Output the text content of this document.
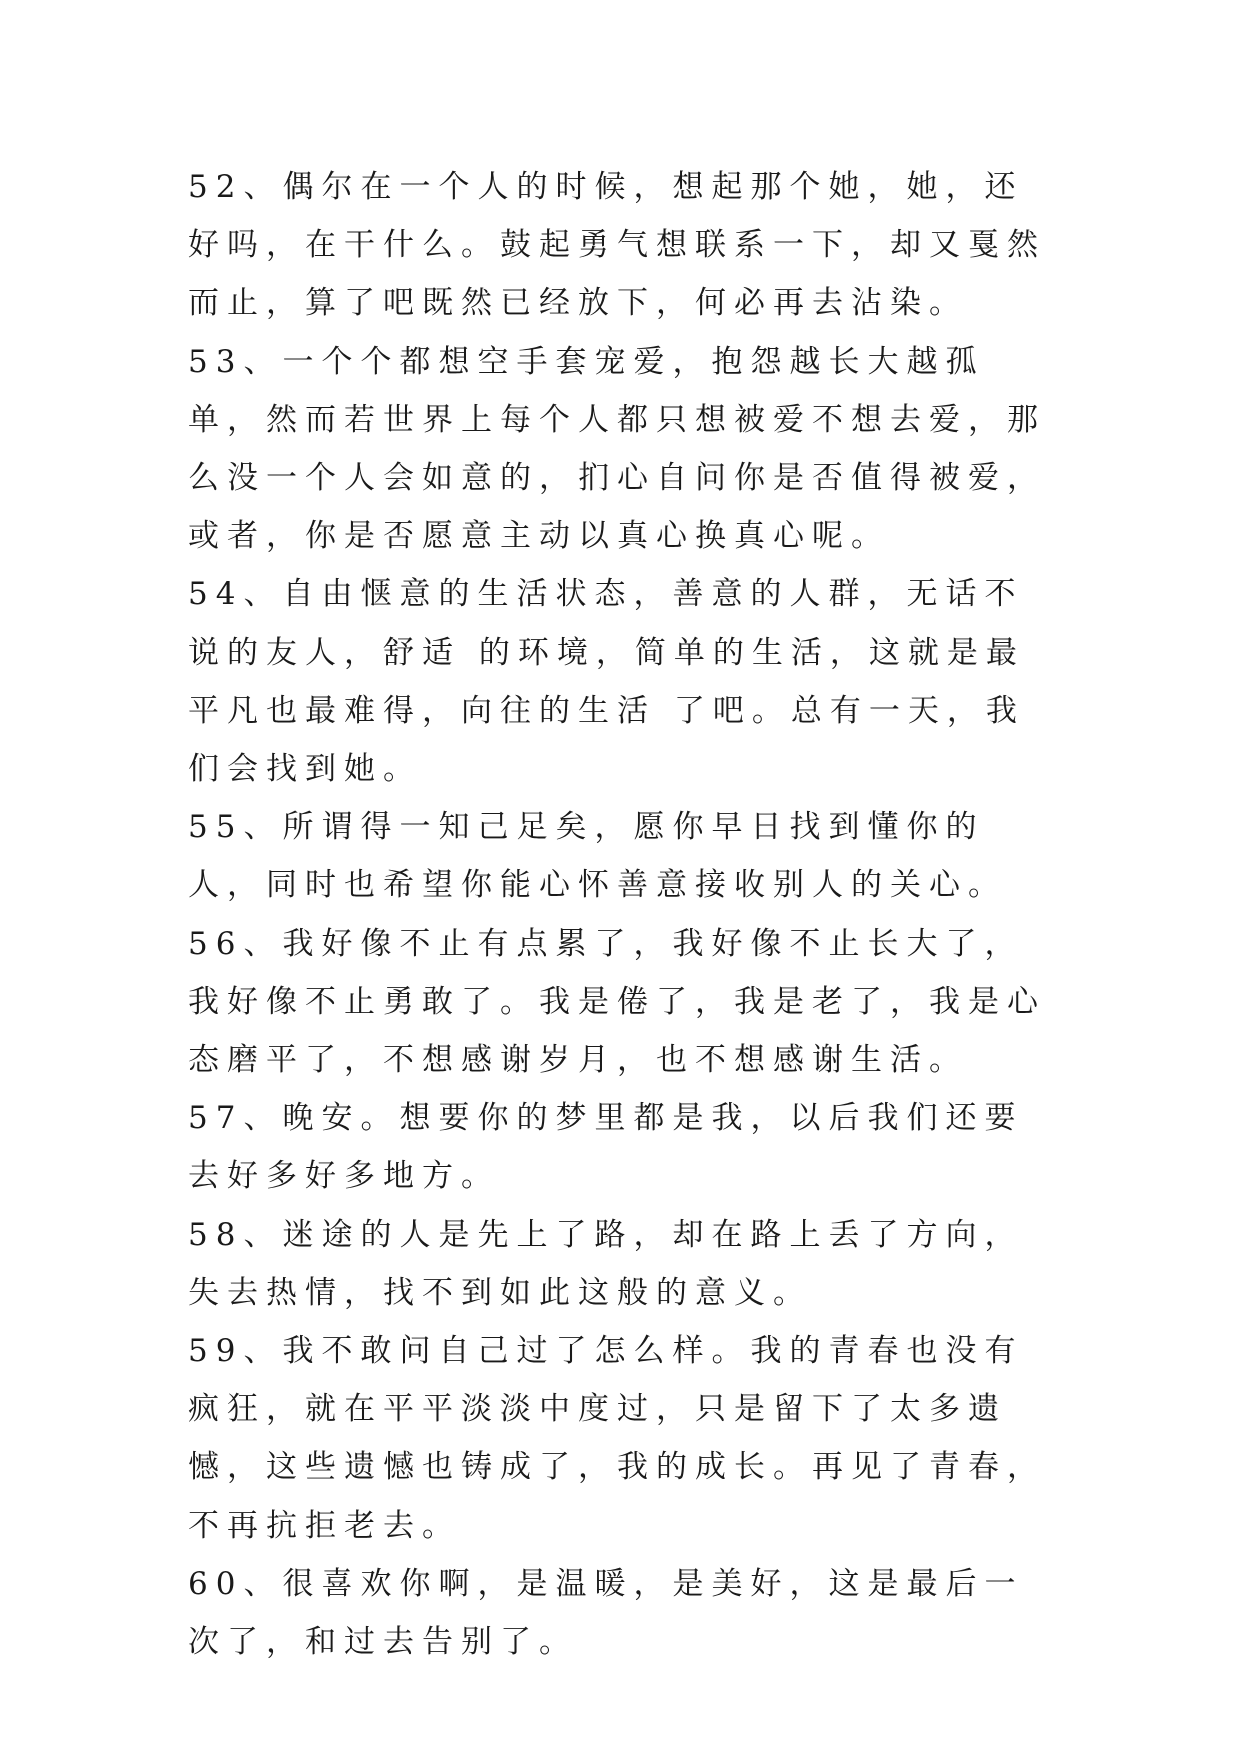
52、偶尔在一个人的时候，想起那个她，她，还好吗，在干什么。鼓起勇气想联系一下，却又戛然而止，算了吧既然已经放下，何必再去沾染。

53、一个个都想空手套宠爱，抱怨越长大越孤单，然而若世界上每个人都只想被爱不想去爱，那么没一个人会如意的，扪心自问你是否值得被爱，或者，你是否愿意主动以真心换真心呢。

54、自由惬意的生活状态，善意的人群，无话不说的友人，舒适 的环境，简单的生活，这就是最平凡也最难得，向往的生活 了吧。总有一天，我们会找到她。

55、所谓得一知己足矣，愿你早日找到懂你的人，同时也希望你能心怀善意接收别人的关心。

56、我好像不止有点累了，我好像不止长大了，我好像不止勇敢了。我是倦了，我是老了，我是心态磨平了，不想感谢岁月，也不想感谢生活。

57、晚安。想要你的梦里都是我，以后我们还要去好多好多地方。

58、迷途的人是先上了路，却在路上丢了方向，失去热情，找不到如此这般的意义。

59、我不敢问自己过了怎么样。我的青春也没有疯狂，就在平平淡淡中度过，只是留下了太多遗憾，这些遗憾也铸成了，我的成长。再见了青春，不再抗拒老去。

60、很喜欢你啊，是温暖，是美好，这是最后一次了，和过去告别了。
